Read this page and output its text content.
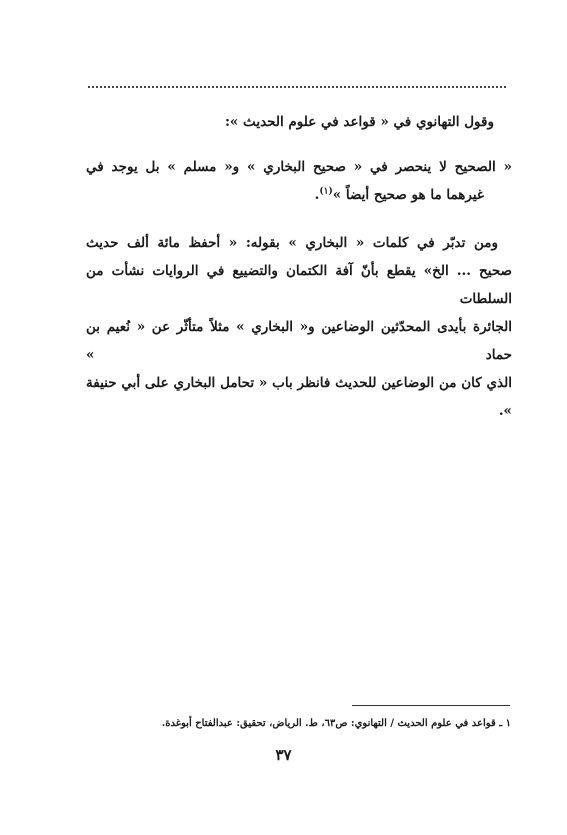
وقول التهانوي في « قواعد في علوم الحديث »:

« الصحيح لا ينحصر في « صحيح البخاري » و« مسلم » بل يوجد في
غيرهما ما هو صحيح أيضاً »$^{(١)}$.

ومن تدبّر في كلمات « البخاري » بقوله: « أحفظ مائة ألف حديث
صحيح ... الخ» يقطع بأنّ آفة الكتمان والتضييع في الروايات نشأت من السلطات
الجائرة بأيدى المحدّثين الوضاعين و« البخاري » مثلاً متأثّر عن « نُعيم بن حماد »
الذي كان من الوضاعين للحديث فانظر باب « تحامل البخاري على أبي حنيفة ».

١ ـ قواعد في علوم الحديث / التهانوي: ص٦٣، ط. الرياض، تحقيق: عبدالفتاح أبوغدة.
٣٧
